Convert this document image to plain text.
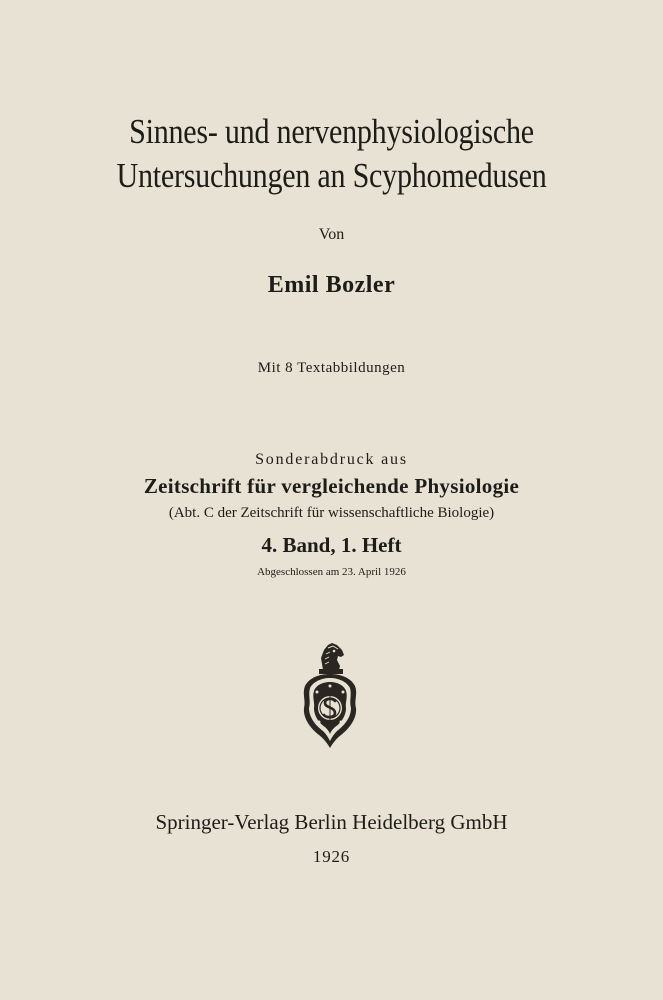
Sinnes- und nervenphysiologische
Untersuchungen an Scyphomedusen
Von
Emil Bozler
Mit 8 Textabbildungen
Sonderabdruck aus
Zeitschrift für vergleichende Physiologie
(Abt. C der Zeitschrift für wissenschaftliche Biologie)
4. Band, 1. Heft
Abgeschlossen am 23. April 1926
Springer-Verlag Berlin Heidelberg GmbH
1926
